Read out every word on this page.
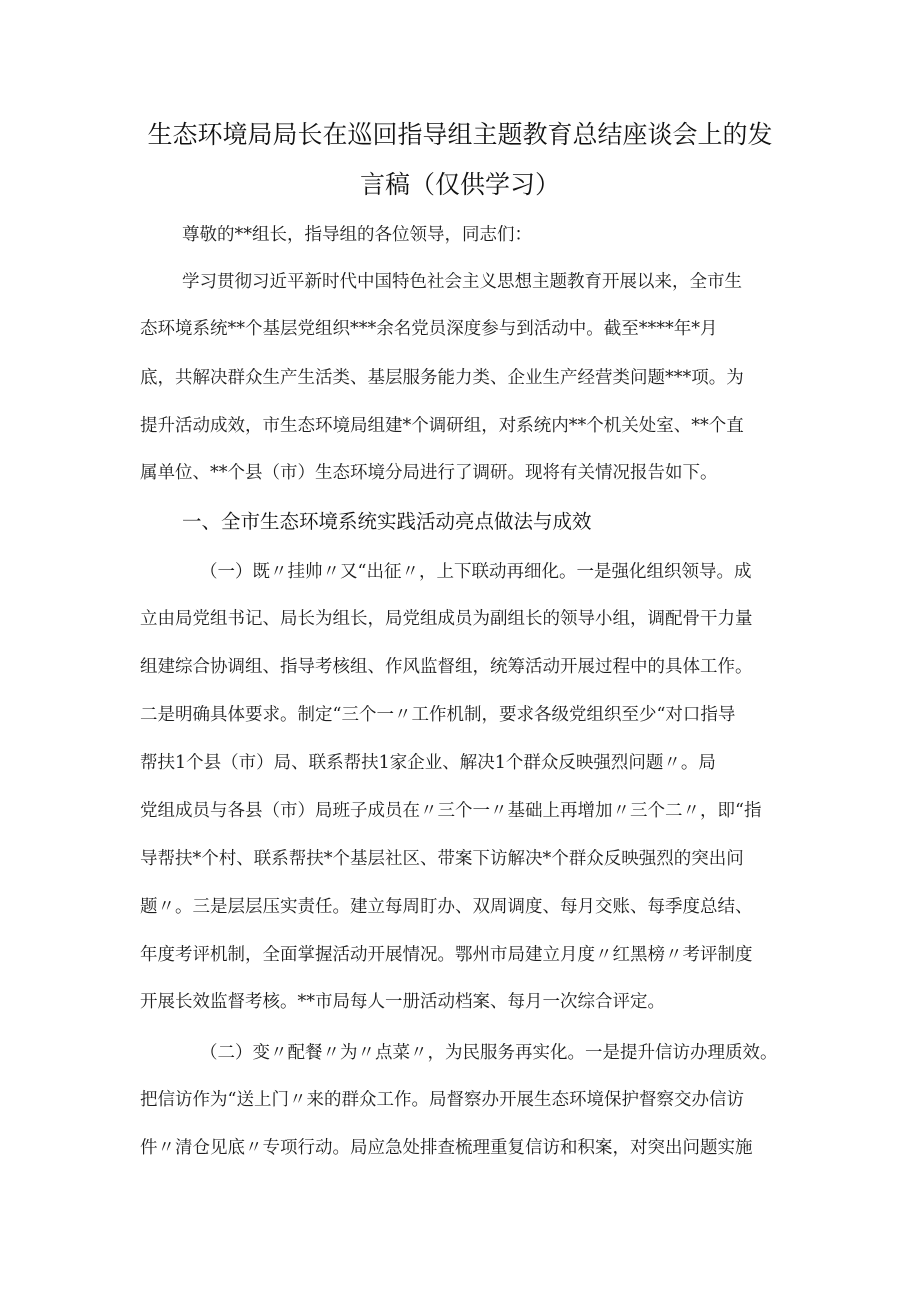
生态环境局局长在巡回指导组主题教育总结座谈会上的发
言稿（仅供学习）
尊敬的**组长，指导组的各位领导，同志们：
学习贯彻习近平新时代中国特色社会主义思想主题教育开展以来，全市生
态环境系统**个基层党组织***余名党员深度参与到活动中。截至****年*月
底，共解决群众生产生活类、基层服务能力类、企业生产经营类问题***项。为
提升活动成效，市生态环境局组建*个调研组，对系统内**个机关处室、**个直
属单位、**个县（市）生态环境分局进行了调研。现将有关情况报告如下。
一、全市生态环境系统实践活动亮点做法与成效
（一）既〃挂帅〃又“出征〃，上下联动再细化。一是强化组织领导。成
立由局党组书记、局长为组长，局党组成员为副组长的领导小组，调配骨干力量
组建综合协调组、指导考核组、作风监督组，统筹活动开展过程中的具体工作。
二是明确具体要求。制定“三个一〃工作机制，要求各级党组织至少“对口指导
帮扶1个县（市）局、联系帮扶1家企业、解决1个群众反映强烈问题〃。局
党组成员与各县（市）局班子成员在〃三个一〃基础上再增加〃三个二〃，即“指
导帮扶*个村、联系帮扶*个基层社区、带案下访解决*个群众反映强烈的突出问
题〃。三是层层压实责任。建立每周盯办、双周调度、每月交账、每季度总结、
年度考评机制，全面掌握活动开展情况。鄂州市局建立月度〃红黑榜〃考评制度
开展长效监督考核。**市局每人一册活动档案、每月一次综合评定。
（二）变〃配餐〃为〃点菜〃，为民服务再实化。一是提升信访办理质效。
把信访作为“送上门〃来的群众工作。局督察办开展生态环境保护督察交办信访
件〃清仓见底〃专项行动。局应急处排查梳理重复信访和积案，对突出问题实施
